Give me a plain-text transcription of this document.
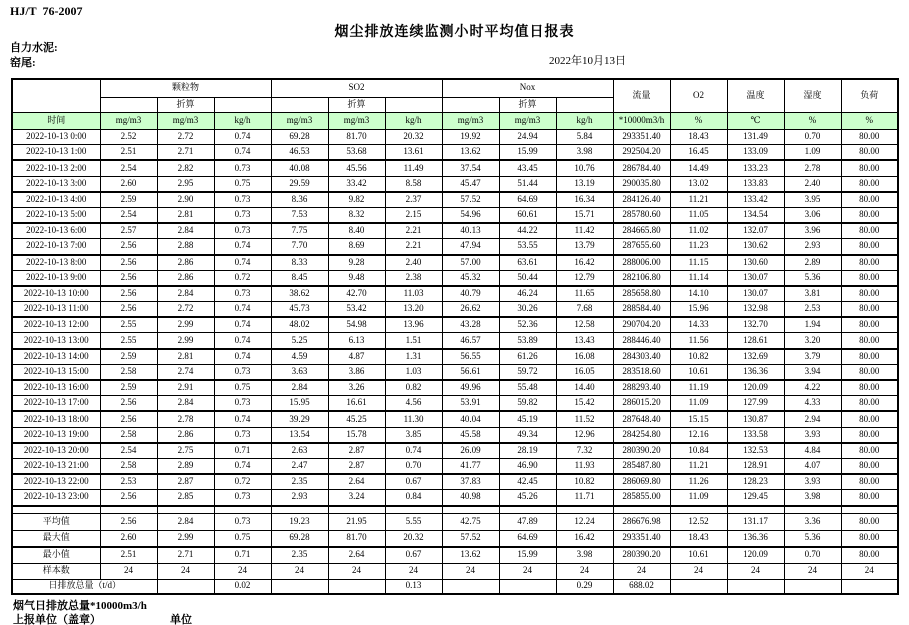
HJ/T  76-2007
烟尘排放连续监测小时平均值日报表
自力水泥:
窑尾:	2022年10月13日
	颗粒物			SO2			Nox			流量	O2	温度	湿度	负荷
		折算			折算			折算						
时间	mg/m3	mg/m3	kg/h	mg/m3	mg/m3	kg/h	mg/m3	mg/m3	kg/h	*10000m3/h	%	℃	%	%
2022-10-13 0:00	2.52	2.72	0.74	69.28	81.70	20.32	19.92	24.94	5.84	293351.40	18.43	131.49	0.70	80.00
2022-10-13 1:00	2.51	2.71	0.74	46.53	53.68	13.61	13.62	15.99	3.98	292504.20	16.45	133.09	1.09	80.00
2022-10-13 2:00	2.54	2.82	0.73	40.08	45.56	11.49	37.54	43.45	10.76	286784.40	14.49	133.23	2.78	80.00
2022-10-13 3:00	2.60	2.95	0.75	29.59	33.42	8.58	45.47	51.44	13.19	290035.80	13.02	133.83	2.40	80.00
2022-10-13 4:00	2.59	2.90	0.73	8.36	9.82	2.37	57.52	64.69	16.34	284126.40	11.21	133.42	3.95	80.00
2022-10-13 5:00	2.54	2.81	0.73	7.53	8.32	2.15	54.96	60.61	15.71	285780.60	11.05	134.54	3.06	80.00
2022-10-13 6:00	2.57	2.84	0.73	7.75	8.40	2.21	40.13	44.22	11.42	284665.80	11.02	132.07	3.96	80.00
2022-10-13 7:00	2.56	2.88	0.74	7.70	8.69	2.21	47.94	53.55	13.79	287655.60	11.23	130.62	2.93	80.00
2022-10-13 8:00	2.56	2.86	0.74	8.33	9.28	2.40	57.00	63.61	16.42	288006.00	11.15	130.60	2.89	80.00
2022-10-13 9:00	2.56	2.86	0.72	8.45	9.48	2.38	45.32	50.44	12.79	282106.80	11.14	130.07	5.36	80.00
2022-10-13 10:00	2.56	2.84	0.73	38.62	42.70	11.03	40.79	46.24	11.65	285658.80	14.10	130.07	3.81	80.00
2022-10-13 11:00	2.56	2.72	0.74	45.73	53.42	13.20	26.62	30.26	7.68	288584.40	15.96	132.98	2.53	80.00
2022-10-13 12:00	2.55	2.99	0.74	48.02	54.98	13.96	43.28	52.36	12.58	290704.20	14.33	132.70	1.94	80.00
2022-10-13 13:00	2.55	2.99	0.74	5.25	6.13	1.51	46.57	53.89	13.43	288446.40	11.56	128.61	3.20	80.00
2022-10-13 14:00	2.59	2.81	0.74	4.59	4.87	1.31	56.55	61.26	16.08	284303.40	10.82	132.69	3.79	80.00
2022-10-13 15:00	2.58	2.74	0.73	3.63	3.86	1.03	56.61	59.72	16.05	283518.60	10.61	136.36	3.94	80.00
2022-10-13 16:00	2.59	2.91	0.75	2.84	3.26	0.82	49.96	55.48	14.40	288293.40	11.19	120.09	4.22	80.00
2022-10-13 17:00	2.56	2.84	0.73	15.95	16.61	4.56	53.91	59.82	15.42	286015.20	11.09	127.99	4.33	80.00
2022-10-13 18:00	2.56	2.78	0.74	39.29	45.25	11.30	40.04	45.19	11.52	287648.40	15.15	130.87	2.94	80.00
2022-10-13 19:00	2.58	2.86	0.73	13.54	15.78	3.85	45.58	49.34	12.96	284254.80	12.16	133.58	3.93	80.00
2022-10-13 20:00	2.54	2.75	0.71	2.63	2.87	0.74	26.09	28.19	7.32	280390.20	10.84	132.53	4.84	80.00
2022-10-13 21:00	2.58	2.89	0.74	2.47	2.87	0.70	41.77	46.90	11.93	285487.80	11.21	128.91	4.07	80.00
2022-10-13 22:00	2.53	2.87	0.72	2.35	2.64	0.67	37.83	42.45	10.82	286069.80	11.26	128.23	3.93	80.00
2022-10-13 23:00	2.56	2.85	0.73	2.93	3.24	0.84	40.98	45.26	11.71	285855.00	11.09	129.45	3.98	80.00

平均值	2.56	2.84	0.73	19.23	21.95	5.55	42.75	47.89	12.24	286676.98	12.52	131.17	3.36	80.00
最大值	2.60	2.99	0.75	69.28	81.70	20.32	57.52	64.69	16.42	293351.40	18.43	136.36	5.36	80.00
最小值	2.51	2.71	0.71	2.35	2.64	0.67	13.62	15.99	3.98	280390.20	10.61	120.09	0.70	80.00
样本数	24	24	24	24	24	24	24	24	24	24	24	24	24	24
日排放总量（t/d）			0.02			0.13			0.29	688.02				
烟气日排放总量*10000m3/h
上报单位（盖章）	单位
